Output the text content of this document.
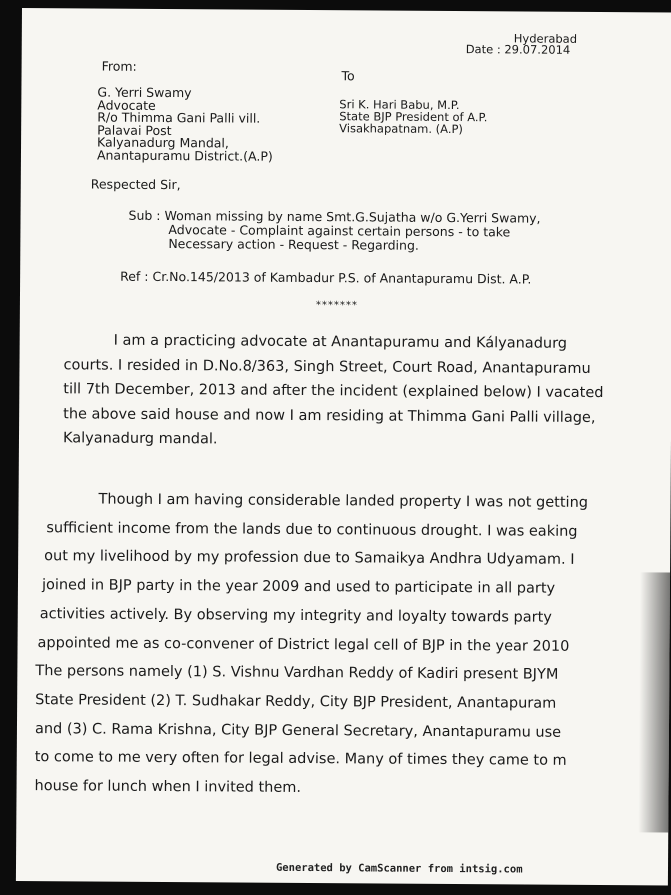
Hyderabad
Date : 29.07.2014
From:
To
G. Yerri Swamy
Advocate
R/o Thimma Gani Palli vill.
Palavai Post
Kalyanadurg Mandal,
Anantapuramu District.(A.P)
Sri K. Hari Babu, M.P.
State BJP President of A.P.
Visakhapatnam. (A.P)
Respected Sir,
Sub : Woman missing by name Smt.G.Sujatha w/o G.Yerri Swamy,
Advocate - Complaint against certain persons - to take
Necessary action - Request - Regarding.
Ref : Cr.No.145/2013 of Kambadur P.S. of Anantapuramu Dist. A.P.
*******
I am a practicing advocate at Anantapuramu and Kályanadurg
courts. I resided in D.No.8/363, Singh Street, Court Road, Anantapuramu
till 7th December, 2013 and after the incident (explained below) I vacated
the above said house and now I am residing at Thimma Gani Palli village,
Kalyanadurg mandal.
Though I am having considerable landed property I was not getting
sufficient income from the lands due to continuous drought. I was eaking
out my livelihood by my profession due to Samaikya Andhra Udyamam. I
joined in BJP party in the year 2009 and used to participate in all party
activities actively. By observing my integrity and loyalty towards party
appointed me as co-convener of District legal cell of BJP in the year 2010
The persons namely (1) S. Vishnu Vardhan Reddy of Kadiri present BJYM
State President (2) T. Sudhakar Reddy, City BJP President, Anantapuram
and (3) C. Rama Krishna, City BJP General Secretary, Anantapuramu use
to come to me very often for legal advise. Many of times they came to m
house for lunch when I invited them.
Generated by CamScanner from intsig.com
